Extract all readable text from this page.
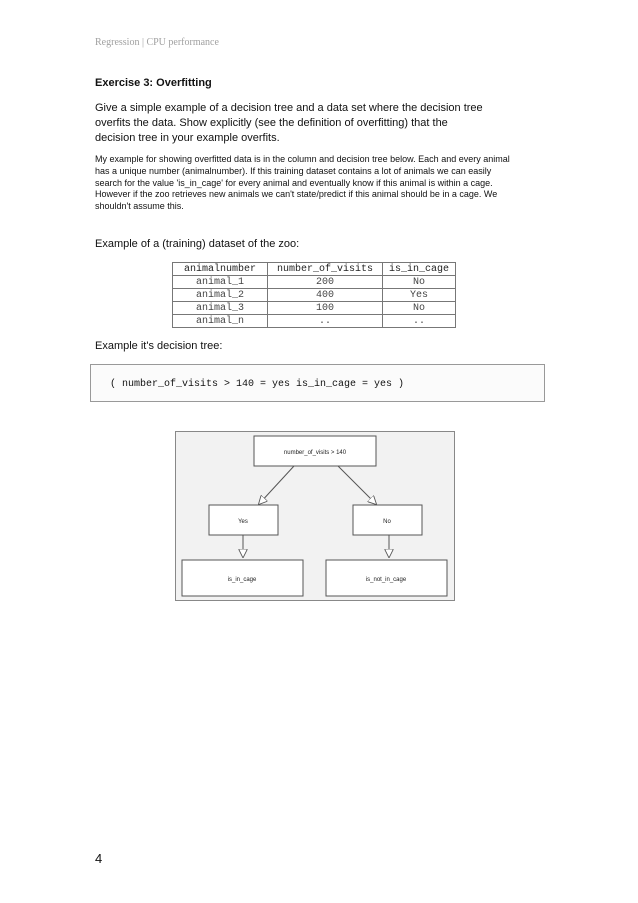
Regression | CPU performance
Exercise 3: Overfitting
Give a simple example of a decision tree and a data set where the decision tree
overfits the data. Show explicitly (see the definition of overfitting) that the
decision tree in your example overfits.
My example for showing overfitted data is in the column and decision tree below. Each and every animal
has a unique number (animalnumber). If this training dataset contains a lot of animals we can easily
search for the value 'is_in_cage' for every animal and eventually know if this animal is within a cage.
However if the zoo retrieves new animals we can't state/predict if this animal should be in a cage. We
shouldn't assume this.
Example of a (training) dataset of the zoo:
animalnumber	number_of_visits	is_in_cage
animal_1	200	No
animal_2	400	Yes
animal_3	100	No
animal_n	..	..
Example it's decision tree:
( number_of_visits > 140 = yes is_in_cage = yes )
number_of_visits > 140
Yes	No
is_in_cage	is_not_in_cage
4
